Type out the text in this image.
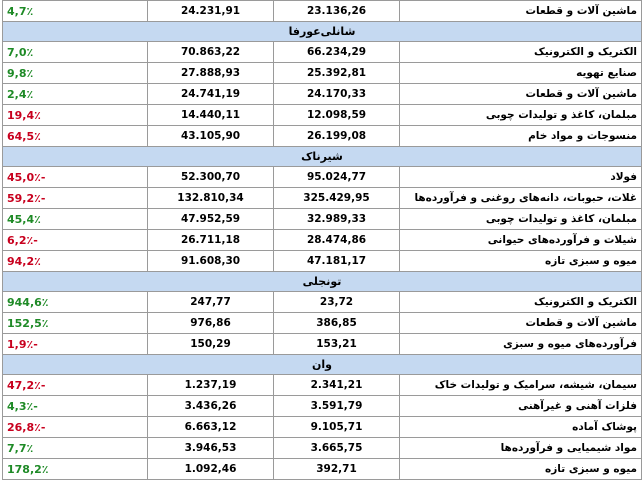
ماشین آلات و قطعات	23.136,26	24.231,91	4,7٪
شانلی‌عورفا			
الکتریک و الکترونیک	66.234,29	70.863,22	7,0٪
صنایع تهویه	25.392,81	27.888,93	9,8٪
ماشین آلات و قطعات	24.170,33	24.741,19	2,4٪
مبلمان، کاغذ و تولیدات چوبی	12.098,59	14.440,11	19,4٪
منسوجات و مواد خام	26.199,08	43.105,90	64,5٪
شیرناک			
فولاد	95.024,77	52.300,70	45,0٪-
غلات، حبوبات، دانه‌های روغنی و فرآورده‌ها	325.429,95	132.810,34	59,2٪-
مبلمان، کاغذ و تولیدات چوبی	32.989,33	47.952,59	45,4٪
شیلات و فرآورده‌های حیوانی	28.474,86	26.711,18	6,2٪-
میوه و سبزی تازه	47.181,17	91.608,30	94,2٪
تونجلی			
الکتریک و الکترونیک	23,72	247,77	944,6٪
ماشین آلات و قطعات	386,85	976,86	152,5٪
فرآورده‌های میوه و سبزی	153,21	150,29	1,9٪-
وان			
سیمان، شیشه، سرامیک و تولیدات خاک	2.341,21	1.237,19	47,2٪-
فلزات آهنی و غیرآهنی	3.591,79	3.436,26	4,3٪-
پوشاک آماده	9.105,71	6.663,12	26,8٪-
مواد شیمیایی و فرآورده‌ها	3.665,75	3.946,53	7,7٪
میوه و سبزی تازه	392,71	1.092,46	178,2٪
